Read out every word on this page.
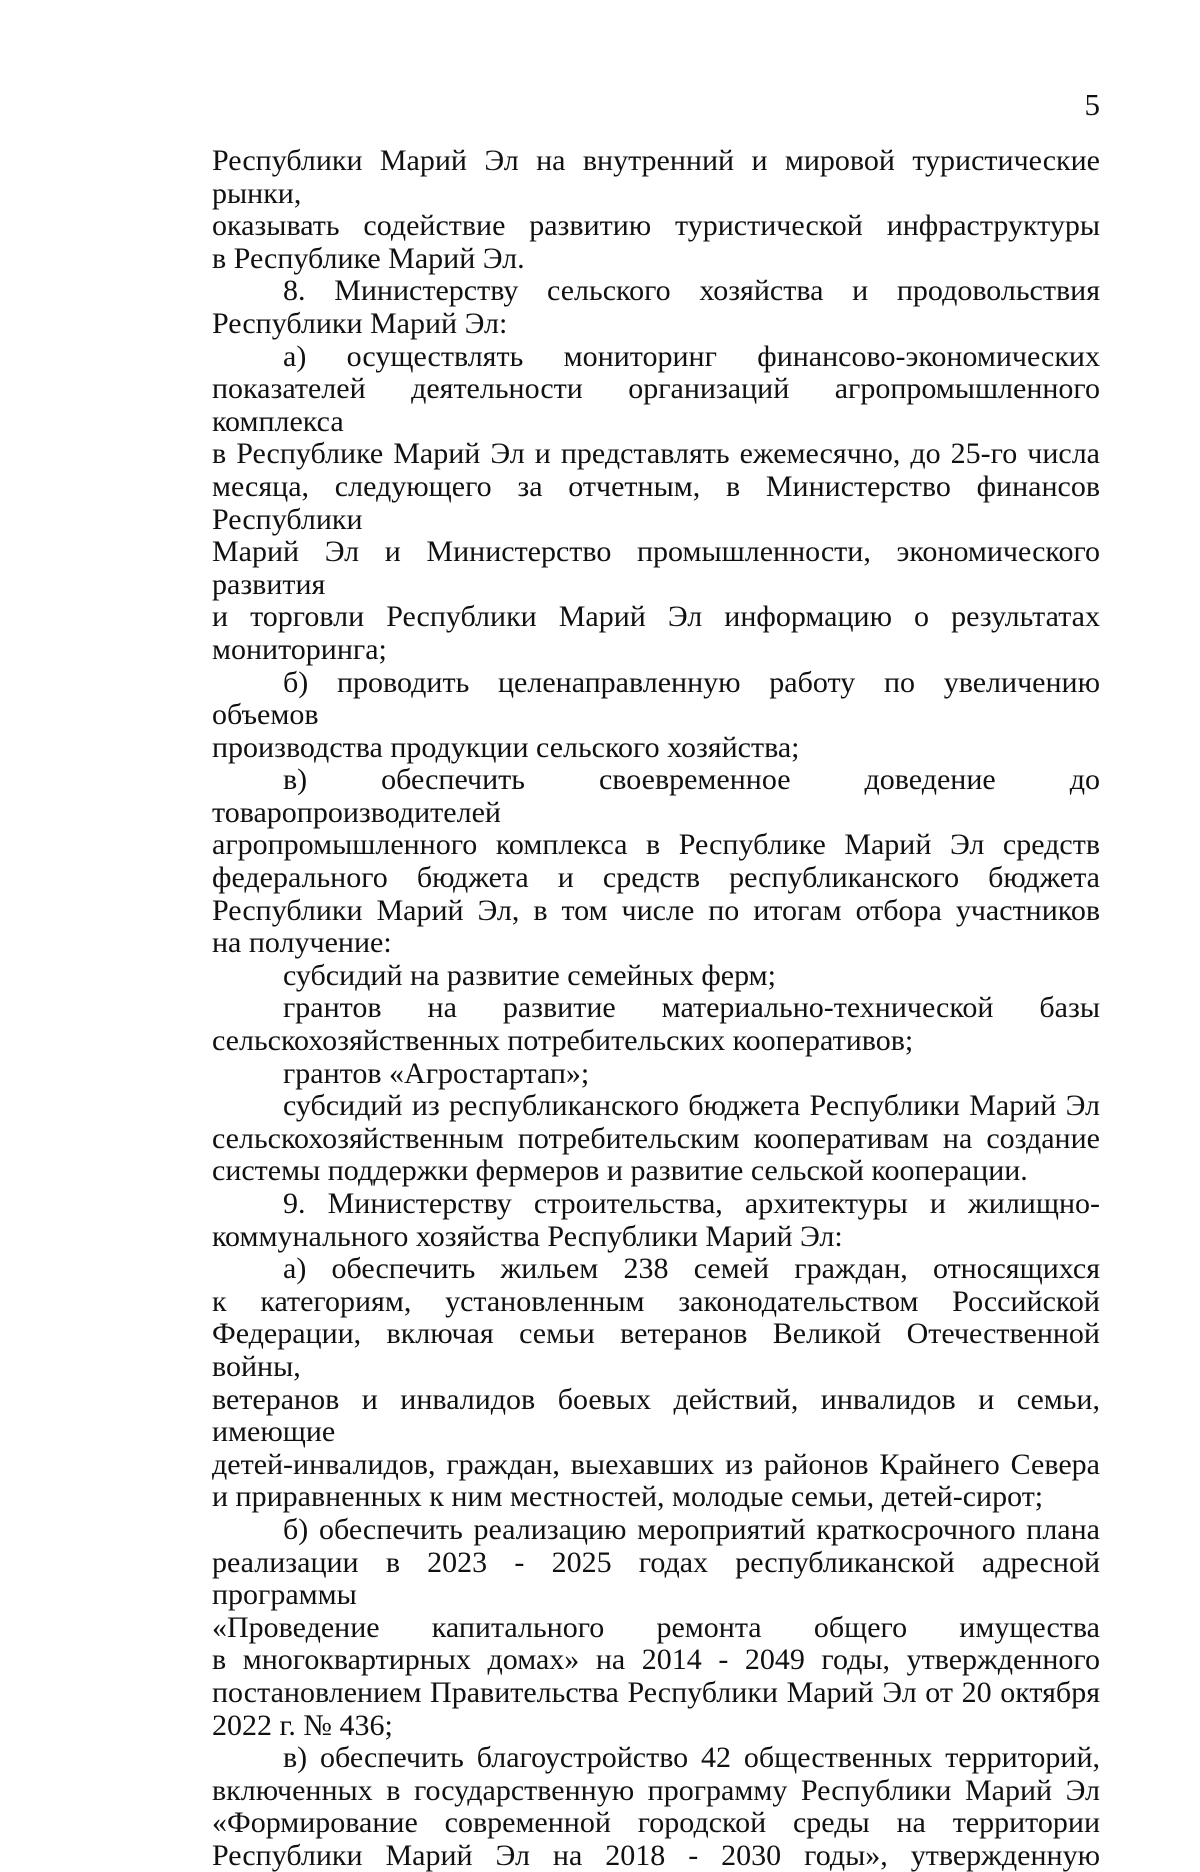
5

Республики Марий Эл на внутренний и мировой туристические рынки,

оказывать содействие развитию туристической инфраструктуры

в Республике Марий Эл.

8. Министерству сельского хозяйства и продовольствия

Республики Марий Эл:

а) осуществлять мониторинг финансово-экономических

показателей деятельности организаций агропромышленного комплекса

в Республике Марий Эл и представлять ежемесячно, до 25-го числа

месяца, следующего за отчетным, в Министерство финансов Республики

Марий Эл и Министерство промышленности, экономического развития

и торговли Республики Марий Эл информацию о результатах

мониторинга;

б) проводить целенаправленную работу по увеличению объемов

производства продукции сельского хозяйства;

в) обеспечить своевременное доведение до товаропроизводителей

агропромышленного комплекса в Республике Марий Эл средств

федерального бюджета и средств республиканского бюджета

Республики Марий Эл, в том числе по итогам отбора участников

на получение:

субсидий на развитие семейных ферм;

грантов на развитие материально-технической базы

сельскохозяйственных потребительских кооперативов;

грантов «Агростартап»;

субсидий из республиканского бюджета Республики Марий Эл

сельскохозяйственным потребительским кооперативам на создание

системы поддержки фермеров и развитие сельской кооперации.

9. Министерству строительства, архитектуры и жилищно-

коммунального хозяйства Республики Марий Эл:

а) обеспечить жильем 238 семей граждан, относящихся

к категориям, установленным законодательством Российской

Федерации, включая семьи ветеранов Великой Отечественной войны,

ветеранов и инвалидов боевых действий, инвалидов и семьи, имеющие

детей-инвалидов, граждан, выехавших из районов Крайнего Севера

и приравненных к ним местностей, молодые семьи, детей-сирот;

б) обеспечить реализацию мероприятий краткосрочного плана

реализации в 2023 - 2025 годах республиканской адресной программы

«Проведение капитального ремонта общего имущества

в многоквартирных домах» на 2014 - 2049 годы, утвержденного

постановлением Правительства Республики Марий Эл от 20 октября

2022 г. № 436;

в) обеспечить благоустройство 42 общественных территорий,

включенных в государственную программу Республики Марий Эл

«Формирование современной городской среды на территории

Республики Марий Эл на 2018 - 2030 годы», утвержденную
